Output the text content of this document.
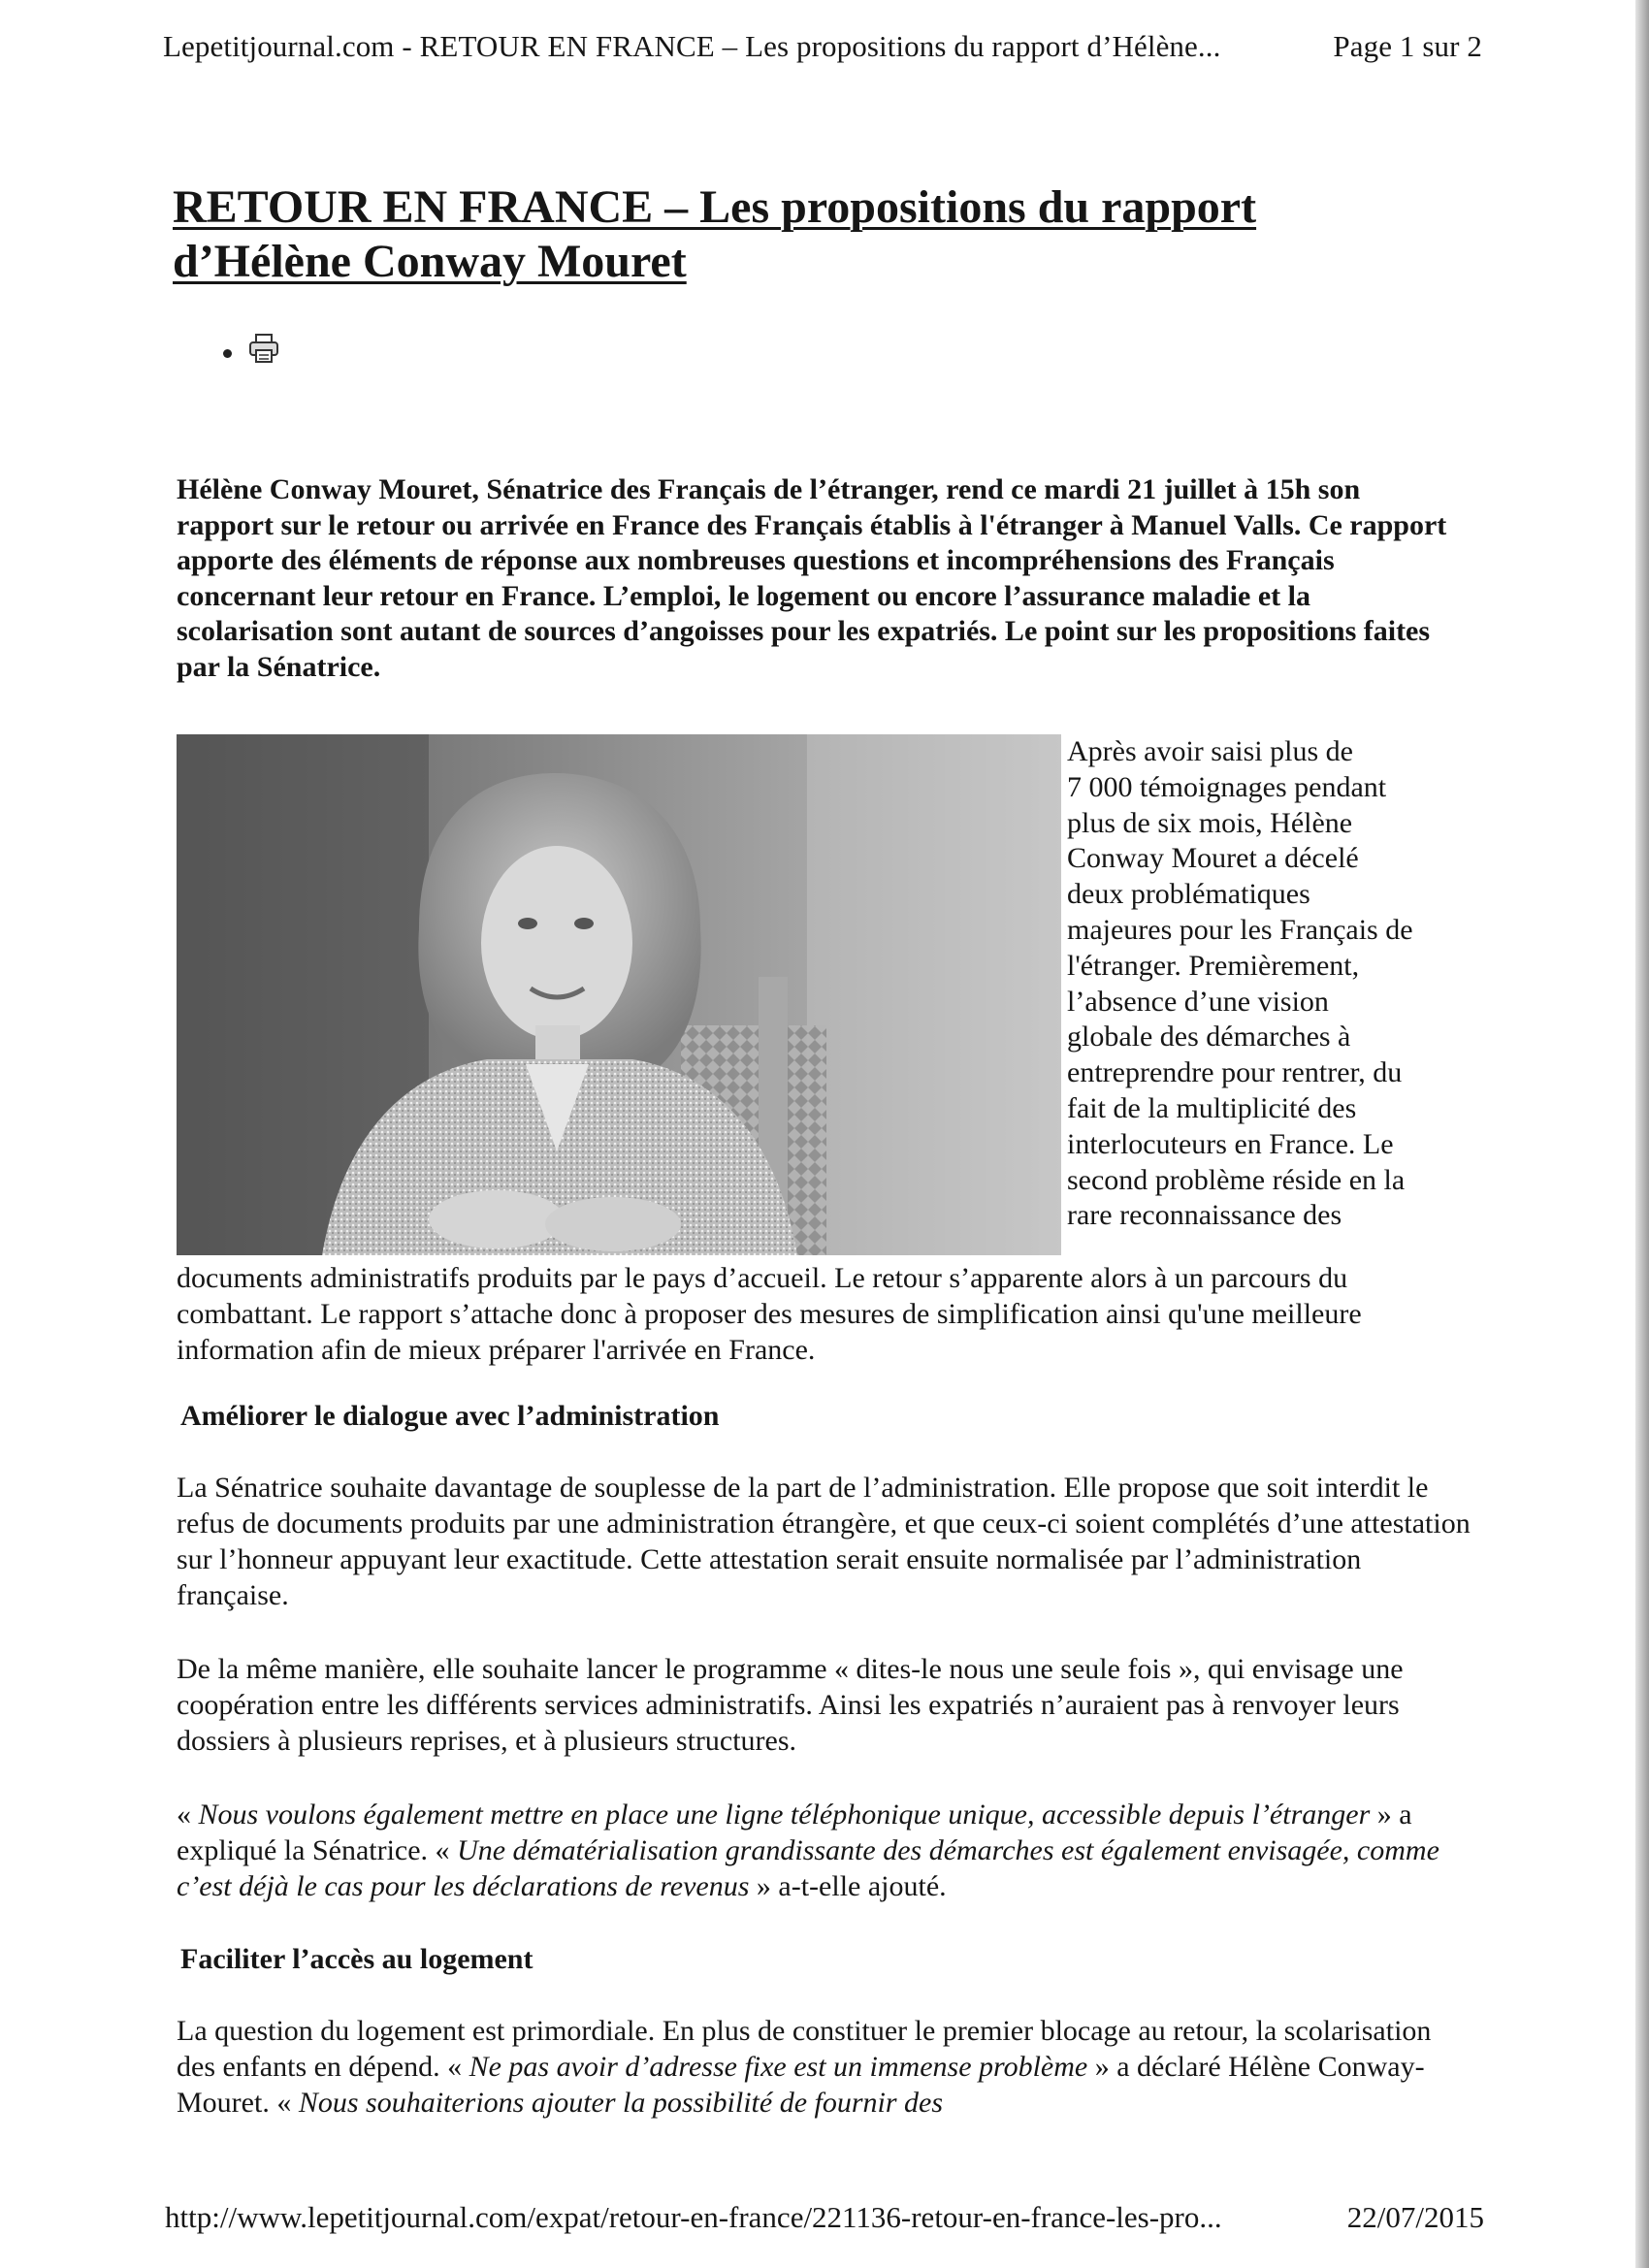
Lepetitjournal.com - RETOUR EN FRANCE – Les propositions du rapport d’Hélène...	Page 1 sur 2
RETOUR EN FRANCE – Les propositions du rapport
d’Hélène Conway Mouret

Hélène Conway Mouret, Sénatrice des Français de l’étranger, rend ce mardi 21 juillet à 15h son rapport sur le retour ou arrivée en France des Français établis à l'étranger à Manuel Valls. Ce rapport apporte des éléments de réponse aux nombreuses questions et incompréhensions des Français concernant leur retour en France. L’emploi, le logement ou encore l’assurance maladie et la scolarisation sont autant de sources d’angoisses pour les expatriés. Le point sur les propositions faites par la Sénatrice.

Après avoir saisi plus de
7 000 témoignages pendant
plus de six mois, Hélène
Conway Mouret a décelé
deux problématiques
majeures pour les Français de
l'étranger. Premièrement,
l’absence d’une vision
globale des démarches à
entreprendre pour rentrer, du
fait de la multiplicité des
interlocuteurs en France. Le
second problème réside en la
rare reconnaissance des

documents administratifs produits par le pays d’accueil. Le retour s’apparente alors à un parcours du combattant. Le rapport s’attache donc à proposer des mesures de simplification ainsi qu'une meilleure information afin de mieux préparer l'arrivée en France.

Améliorer le dialogue avec l’administration

La Sénatrice souhaite davantage de souplesse de la part de l’administration. Elle propose que soit interdit le refus de documents produits par une administration étrangère, et que ceux-ci soient complétés d’une attestation sur l’honneur appuyant leur exactitude. Cette attestation serait ensuite normalisée par l’administration française.

De la même manière, elle souhaite lancer le programme « dites-le nous une seule fois », qui envisage une coopération entre les différents services administratifs. Ainsi les expatriés n’auraient pas à renvoyer leurs dossiers à plusieurs reprises, et à plusieurs structures.

« Nous voulons également mettre en place une ligne téléphonique unique, accessible depuis l’étranger » a expliqué la Sénatrice. « Une dématérialisation grandissante des démarches est également envisagée, comme c’est déjà le cas pour les déclarations de revenus » a-t-elle ajouté.

Faciliter l’accès au logement

La question du logement est primordiale. En plus de constituer le premier blocage au retour, la scolarisation des enfants en dépend. « Ne pas avoir d’adresse fixe est un immense problème » a déclaré Hélène Conway-Mouret. « Nous souhaiterions ajouter la possibilité de fournir des

http://www.lepetitjournal.com/expat/retour-en-france/221136-retour-en-france-les-pro...	22/07/2015
